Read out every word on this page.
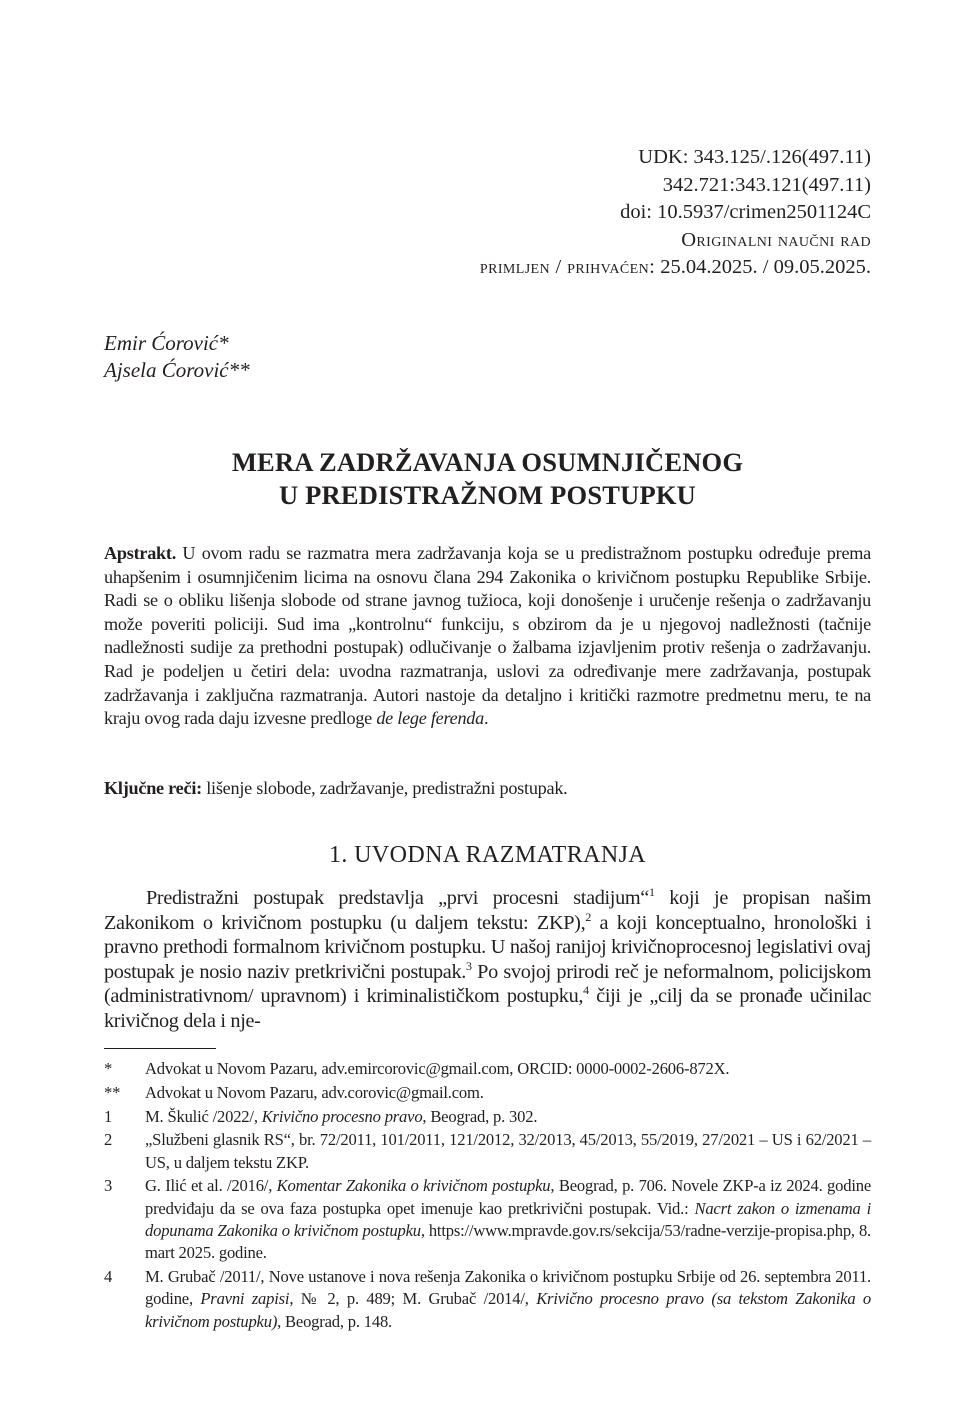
UDK: 343.125/.126(497.11)
342.721:343.121(497.11)
doi: 10.5937/crimen2501124C
Originalni naučni rad
primljen / prihvaćen: 25.04.2025. / 09.05.2025.
Emir Ćorović*
Ajsela Ćorović**
MERA ZADRŽAVANJA OSUMNJIČENOG
U PREDISTRAŽNOM POSTUPKU
Apstrakt. U ovom radu se razmatra mera zadržavanja koja se u predistražnom postupku određuje prema uhapšenim i osumnjičenim licima na osnovu člana 294 Zakonika o krivičnom postupku Republike Srbije. Radi se o obliku lišenja slobode od strane javnog tužioca, koji donošenje i uručenje rešenja o zadržavanju može poveriti policiji. Sud ima „kontrolnu“ funkciju, s obzirom da je u njegovoj nadležnosti (tačnije nadležnosti sudije za prethodni postupak) odlučivanje o žalbama izjavljenim protiv rešenja o zadržavanju. Rad je podeljen u četiri dela: uvodna razmatranja, uslovi za određivanje mere zadržavanja, postupak zadržavanja i zaključna razmatranja. Autori nastoje da detaljno i kritički razmotre predmetnu meru, te na kraju ovog rada daju izvesne predloge de lege ferenda.
Ključne reči: lišenje slobode, zadržavanje, predistražni postupak.
1. UVODNA RAZMATRANJA
Predistražni postupak predstavlja „prvi procesni stadijum“$^1$ koji je propisan našim Zakonikom o krivičnom postupku (u daljem tekstu: ZKP),$^2$ a koji konceptualno, hronološki i pravno prethodi formalnom krivičnom postupku. U našoj ranijoj krivičnoprocesnoj legislativi ovaj postupak je nosio naziv pretkrivični postupak.$^3$ Po svojoj prirodi reč je neformalnom, policijskom (administrativnom/ upravnom) i kriminalističkom postupku,$^4$ čiji je „cilj da se pronađe učinilac krivičnog dela i nje-
*	Advokat u Novom Pazaru, adv.emircorovic@gmail.com, ORCID: 0000-0002-2606-872X.
**	Advokat u Novom Pazaru, adv.corovic@gmail.com.
1	M. Škulić /2022/, Krivično procesno pravo, Beograd, p. 302.
2	„Službeni glasnik RS“, br. 72/2011, 101/2011, 121/2012, 32/2013, 45/2013, 55/2019, 27/2021 – US i 62/2021 – US, u daljem tekstu ZKP.
3	G. Ilić et al. /2016/, Komentar Zakonika o krivičnom postupku, Beograd, p. 706. Novele ZKP-a iz 2024. godine predviđaju da se ova faza postupka opet imenuje kao pretkrivični postupak. Vid.: Nacrt zakon o izmenama i dopunama Zakonika o krivičnom postupku, https://www.mpravde.gov.rs/sekcija/53/radne-verzije-propisa.php, 8. mart 2025. godine.
4	M. Grubač /2011/, Nove ustanove i nova rešenja Zakonika o krivičnom postupku Srbije od 26. septembra 2011. godine, Pravni zapisi, № 2, p. 489; M. Grubač /2014/, Krivično procesno pravo (sa tekstom Zakonika o krivičnom postupku), Beograd, p. 148.
